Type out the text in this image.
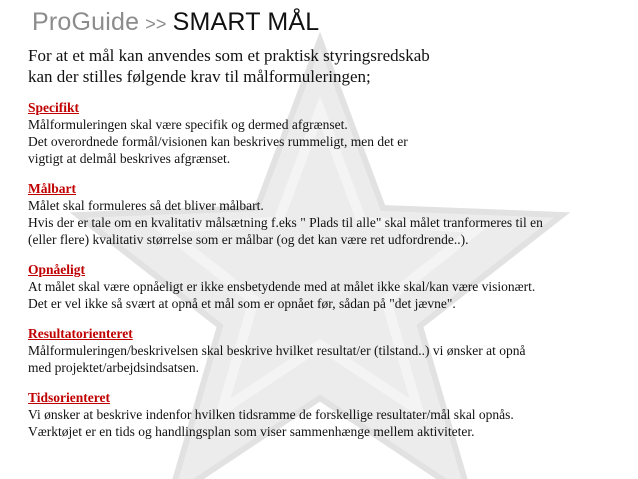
ProGuide >> SMART MÅL
For at et mål kan anvendes som et praktisk styringsredskab
kan der stilles følgende krav til målformuleringen;
Specifikt
Målformuleringen skal være specifik og dermed afgrænset.
Det overordnede formål/visionen kan beskrives rummeligt, men det er
vigtigt at delmål beskrives afgrænset.
Målbart
Målet skal formuleres så det bliver målbart.
Hvis der er tale om en kvalitativ målsætning f.eks " Plads til alle" skal målet tranformeres til en
(eller flere) kvalitativ størrelse som er målbar (og det kan være ret udfordrende..).
Opnåeligt
At målet skal være opnåeligt er ikke ensbetydende med at målet ikke skal/kan være visionært.
Det er vel ikke så svært at opnå et mål som er opnået før, sådan på "det jævne".
Resultatorienteret
Målformuleringen/beskrivelsen skal beskrive hvilket resultat/er (tilstand..) vi ønsker at opnå
med projektet/arbejdsindsatsen.
Tidsorienteret
Vi ønsker at beskrive indenfor hvilken tidsramme de forskellige resultater/mål skal opnås.
Værktøjet er en tids og handlingsplan som viser sammenhænge mellem aktiviteter.
